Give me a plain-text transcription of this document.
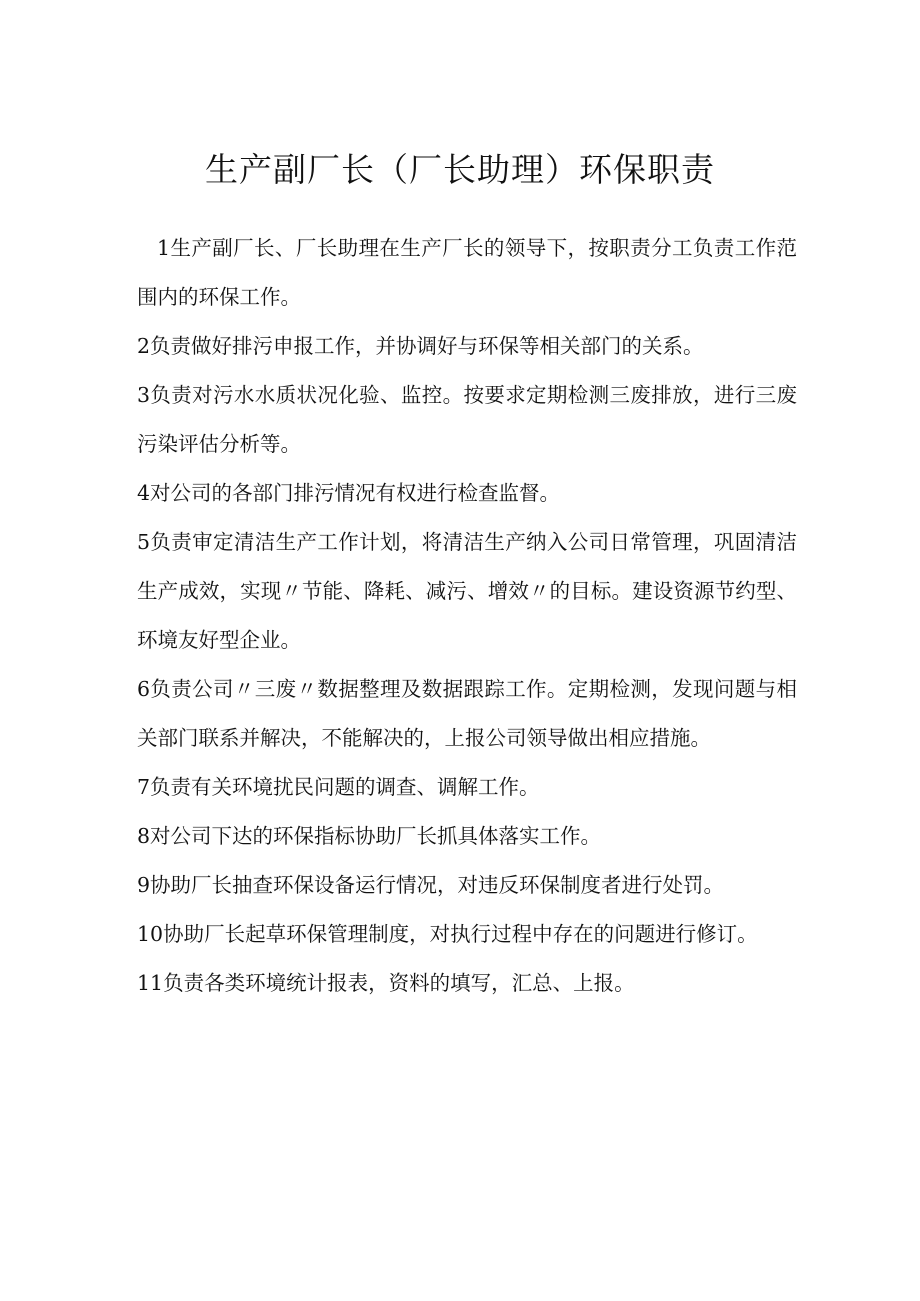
生产副厂长（厂长助理）环保职责

1生产副厂长、厂长助理在生产厂长的领导下，按职责分工负责工作范围内的环保工作。

2负责做好排污申报工作，并协调好与环保等相关部门的关系。

3负责对污水水质状况化验、监控。按要求定期检测三废排放，进行三废污染评估分析等。

4对公司的各部门排污情况有权进行检查监督。

5负责审定清洁生产工作计划，将清洁生产纳入公司日常管理，巩固清洁生产成效，实现〃节能、降耗、减污、增效〃的目标。建设资源节约型、环境友好型企业。

6负责公司〃三废〃数据整理及数据跟踪工作。定期检测，发现问题与相关部门联系并解决，不能解决的，上报公司领导做出相应措施。

7负责有关环境扰民问题的调查、调解工作。

8对公司下达的环保指标协助厂长抓具体落实工作。

9协助厂长抽查环保设备运行情况，对违反环保制度者进行处罚。

10协助厂长起草环保管理制度，对执行过程中存在的问题进行修订。

11负责各类环境统计报表，资料的填写，汇总、上报。
